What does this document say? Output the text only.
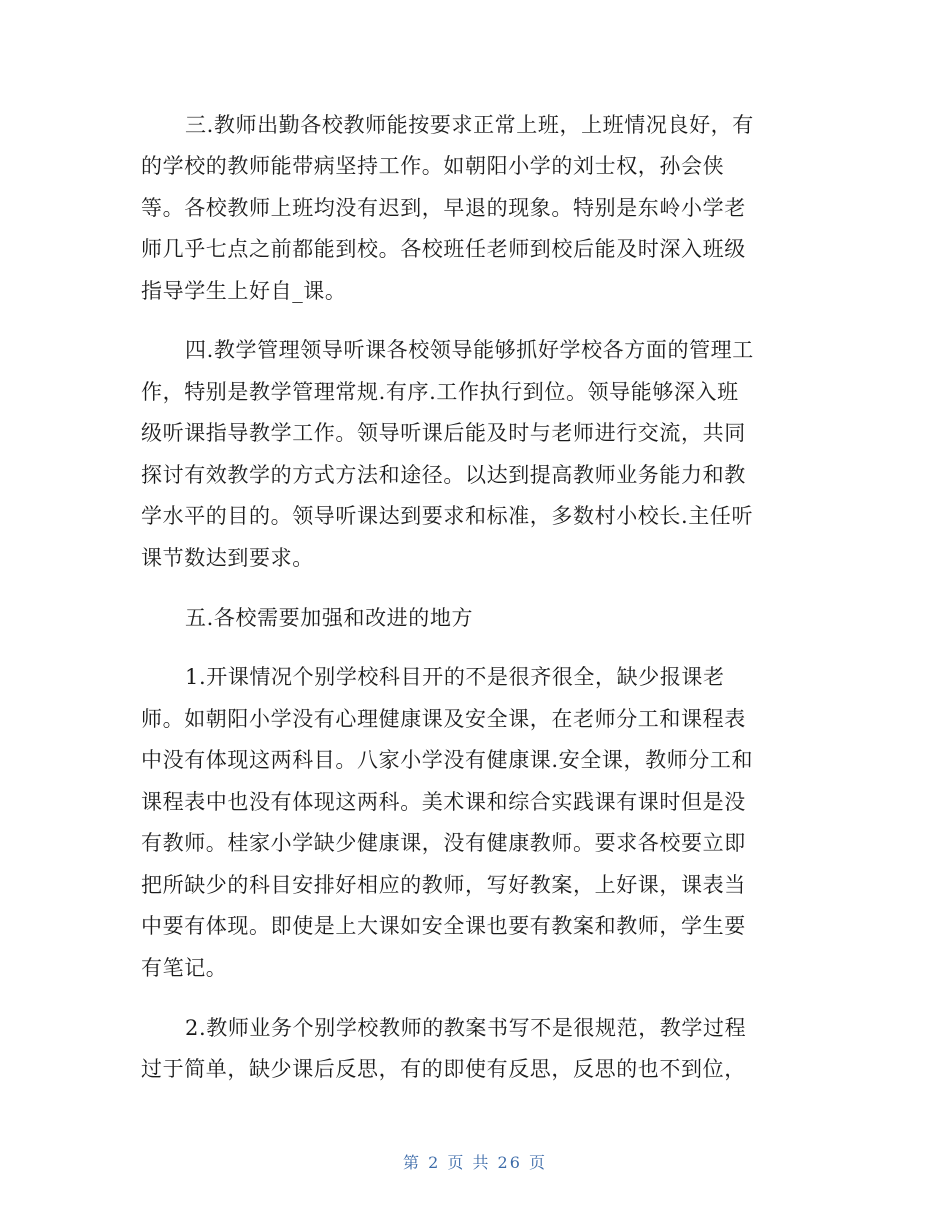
三.教师出勤各校教师能按要求正常上班，上班情况良好，有
的学校的教师能带病坚持工作。如朝阳小学的刘士权，孙会侠
等。各校教师上班均没有迟到，早退的现象。特别是东岭小学老
师几乎七点之前都能到校。各校班任老师到校后能及时深入班级
指导学生上好自_课。
四.教学管理领导听课各校领导能够抓好学校各方面的管理工
作，特别是教学管理常规.有序.工作执行到位。领导能够深入班
级听课指导教学工作。领导听课后能及时与老师进行交流，共同
探讨有效教学的方式方法和途径。以达到提高教师业务能力和教
学水平的目的。领导听课达到要求和标准，多数村小校长.主任听
课节数达到要求。
五.各校需要加强和改进的地方
1.开课情况个别学校科目开的不是很齐很全，缺少报课老
师。如朝阳小学没有心理健康课及安全课，在老师分工和课程表
中没有体现这两科目。八家小学没有健康课.安全课，教师分工和
课程表中也没有体现这两科。美术课和综合实践课有课时但是没
有教师。桂家小学缺少健康课，没有健康教师。要求各校要立即
把所缺少的科目安排好相应的教师，写好教案，上好课，课表当
中要有体现。即使是上大课如安全课也要有教案和教师，学生要
有笔记。
2.教师业务个别学校教师的教案书写不是很规范，教学过程
过于简单，缺少课后反思，有的即使有反思，反思的也不到位，
第 2 页 共 26 页
